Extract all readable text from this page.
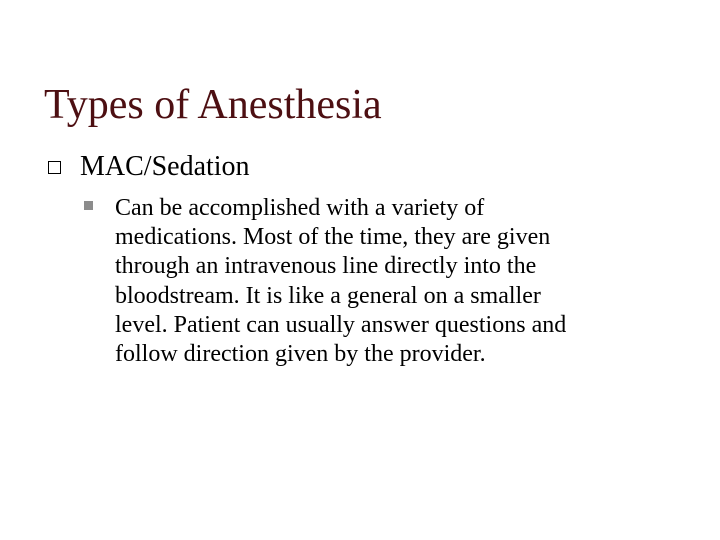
Types of Anesthesia
MAC/Sedation
Can be accomplished with a variety of
medications. Most of the time, they are given
through an intravenous line directly into the
bloodstream. It is like a general on a smaller
level. Patient can usually answer questions and
follow direction given by the provider.
